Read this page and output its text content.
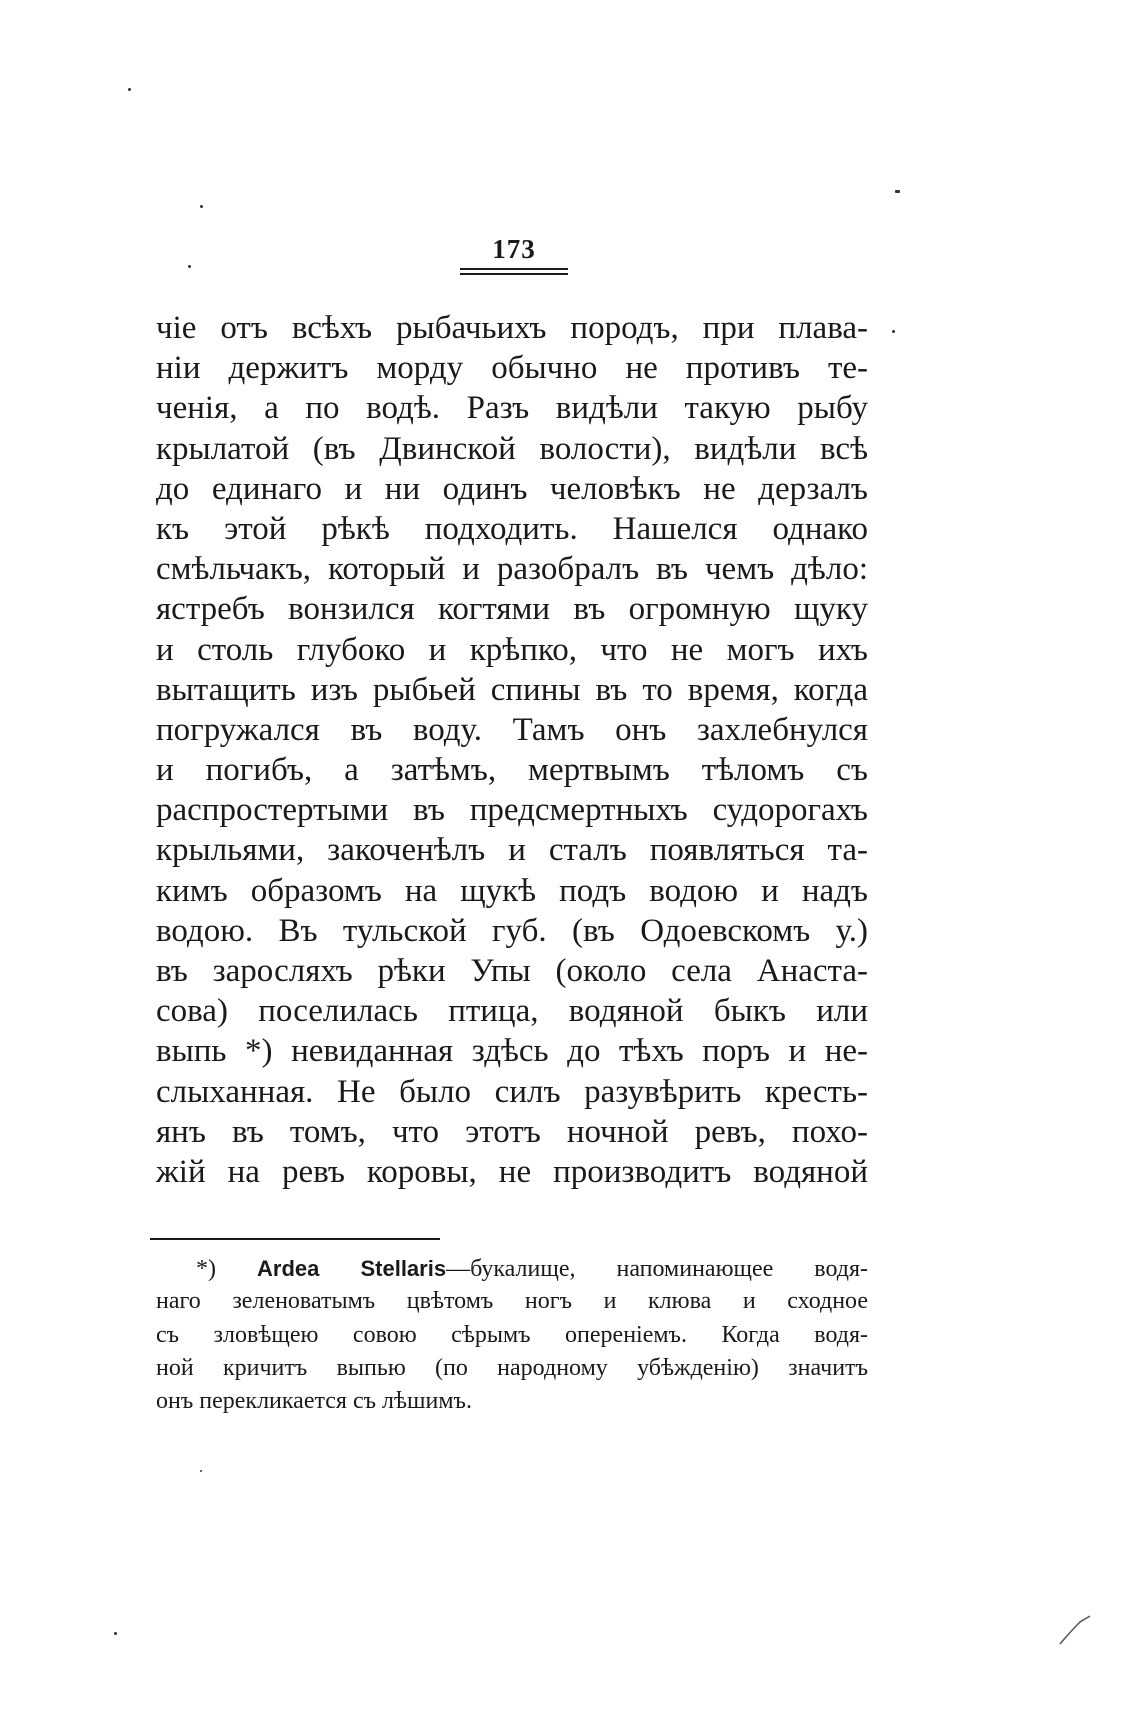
173
чіе отъ всѣхъ рыбачьихъ породъ, при плава-
ніи держитъ морду обычно не противъ те-
ченія, а по водѣ. Разъ видѣли такую рыбу
крылатой (въ Двинской волости), видѣли всѣ
до единаго и ни одинъ человѣкъ не дерзалъ
къ этой рѣкѣ подходить. Нашелся однако
смѣльчакъ, который и разобралъ въ чемъ дѣло:
ястребъ вонзился когтями въ огромную щуку
и столь глубоко и крѣпко, что не могъ ихъ
вытащить изъ рыбьей спины въ то время, когда
погружался въ воду. Тамъ онъ захлебнулся
и погибъ, а затѣмъ, мертвымъ тѣломъ съ
распростертыми въ предсмертныхъ судорогахъ
крыльями, закоченѣлъ и сталъ появляться та-
кимъ образомъ на щукѣ подъ водою и надъ
водою. Въ тульской губ. (въ Одоевскомъ у.)
въ заросляхъ рѣки Упы (около села Анаста-
сова) поселилась птица, водяной быкъ или
выпь *) невиданная здѣсь до тѣхъ поръ и не-
слыханная. Не было силъ разувѣрить кресть-
янъ въ томъ, что этотъ ночной ревъ, похо-
жій на ревъ коровы, не производитъ водяной
*) Ardea Stellaris—букалище, напоминающее водя-
наго зеленоватымъ цвѣтомъ ногъ и клюва и сходное
съ зловѣщею совою сѣрымъ опереніемъ. Когда водя-
ной кричитъ выпью (по народному убѣжденію) значитъ
онъ перекликается съ лѣшимъ.
